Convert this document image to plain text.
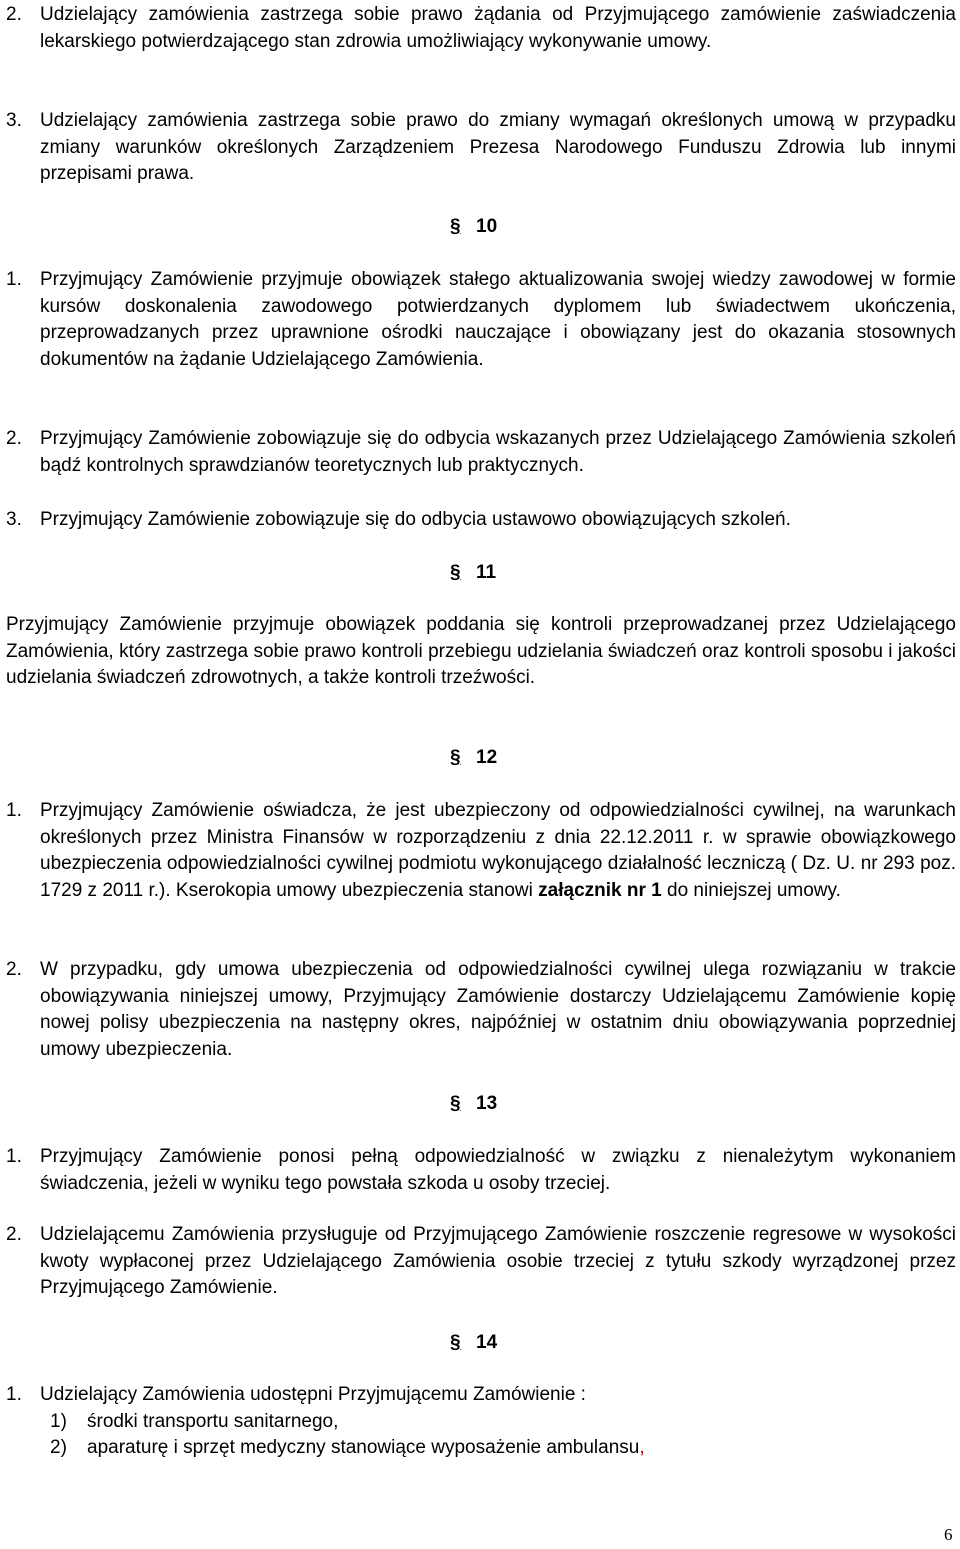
2. Udzielający zamówienia zastrzega sobie prawo żądania od Przyjmującego zamówienie zaświadczenia lekarskiego potwierdzającego stan zdrowia umożliwiający wykonywanie umowy.
3. Udzielający zamówienia zastrzega sobie prawo do zmiany wymagań określonych umową w przypadku zmiany warunków określonych Zarządzeniem Prezesa Narodowego Funduszu Zdrowia lub innymi przepisami prawa.
§ 10
1. Przyjmujący Zamówienie przyjmuje obowiązek stałego aktualizowania swojej wiedzy zawodowej w formie kursów doskonalenia zawodowego potwierdzanych dyplomem lub świadectwem ukończenia, przeprowadzanych przez uprawnione ośrodki nauczające i obowiązany jest do okazania stosownych dokumentów na żądanie Udzielającego Zamówienia.
2. Przyjmujący Zamówienie zobowiązuje się do odbycia wskazanych przez Udzielającego Zamówienia szkoleń bądź kontrolnych sprawdzianów teoretycznych lub praktycznych.
3. Przyjmujący Zamówienie zobowiązuje się do odbycia ustawowo obowiązujących szkoleń.
§ 11
Przyjmujący Zamówienie przyjmuje obowiązek poddania się kontroli przeprowadzanej przez Udzielającego Zamówienia, który zastrzega sobie prawo kontroli przebiegu udzielania świadczeń oraz kontroli sposobu i jakości udzielania świadczeń zdrowotnych, a także kontroli trzeźwości.
§ 12
1. Przyjmujący Zamówienie oświadcza, że jest ubezpieczony od odpowiedzialności cywilnej, na warunkach określonych przez Ministra Finansów w rozporządzeniu z dnia 22.12.2011 r. w sprawie obowiązkowego ubezpieczenia odpowiedzialności cywilnej podmiotu wykonującego działalność leczniczą ( Dz. U. nr 293 poz. 1729 z 2011 r.). Kserokopia umowy ubezpieczenia stanowi załącznik nr 1 do niniejszej umowy.
2. W przypadku, gdy umowa ubezpieczenia od odpowiedzialności cywilnej ulega rozwiązaniu w trakcie obowiązywania niniejszej umowy, Przyjmujący Zamówienie dostarczy Udzielającemu Zamówienie kopię nowej polisy ubezpieczenia na następny okres, najpóźniej w ostatnim dniu obowiązywania poprzedniej umowy ubezpieczenia.
§ 13
1. Przyjmujący Zamówienie ponosi pełną odpowiedzialność w związku z nienależytym wykonaniem świadczenia, jeżeli w wyniku tego powstała szkoda u osoby trzeciej.
2. Udzielającemu Zamówienia przysługuje od Przyjmującego Zamówienie roszczenie regresowe w wysokości kwoty wypłaconej przez Udzielającego Zamówienia osobie trzeciej z tytułu szkody wyrządzonej przez Przyjmującego Zamówienie.
§ 14
1. Udzielający Zamówienia udostępni Przyjmującemu Zamówienie :
1)	środki transportu sanitarnego,
2)	aparaturę i sprzęt medyczny stanowiące wyposażenie ambulansu,
6
